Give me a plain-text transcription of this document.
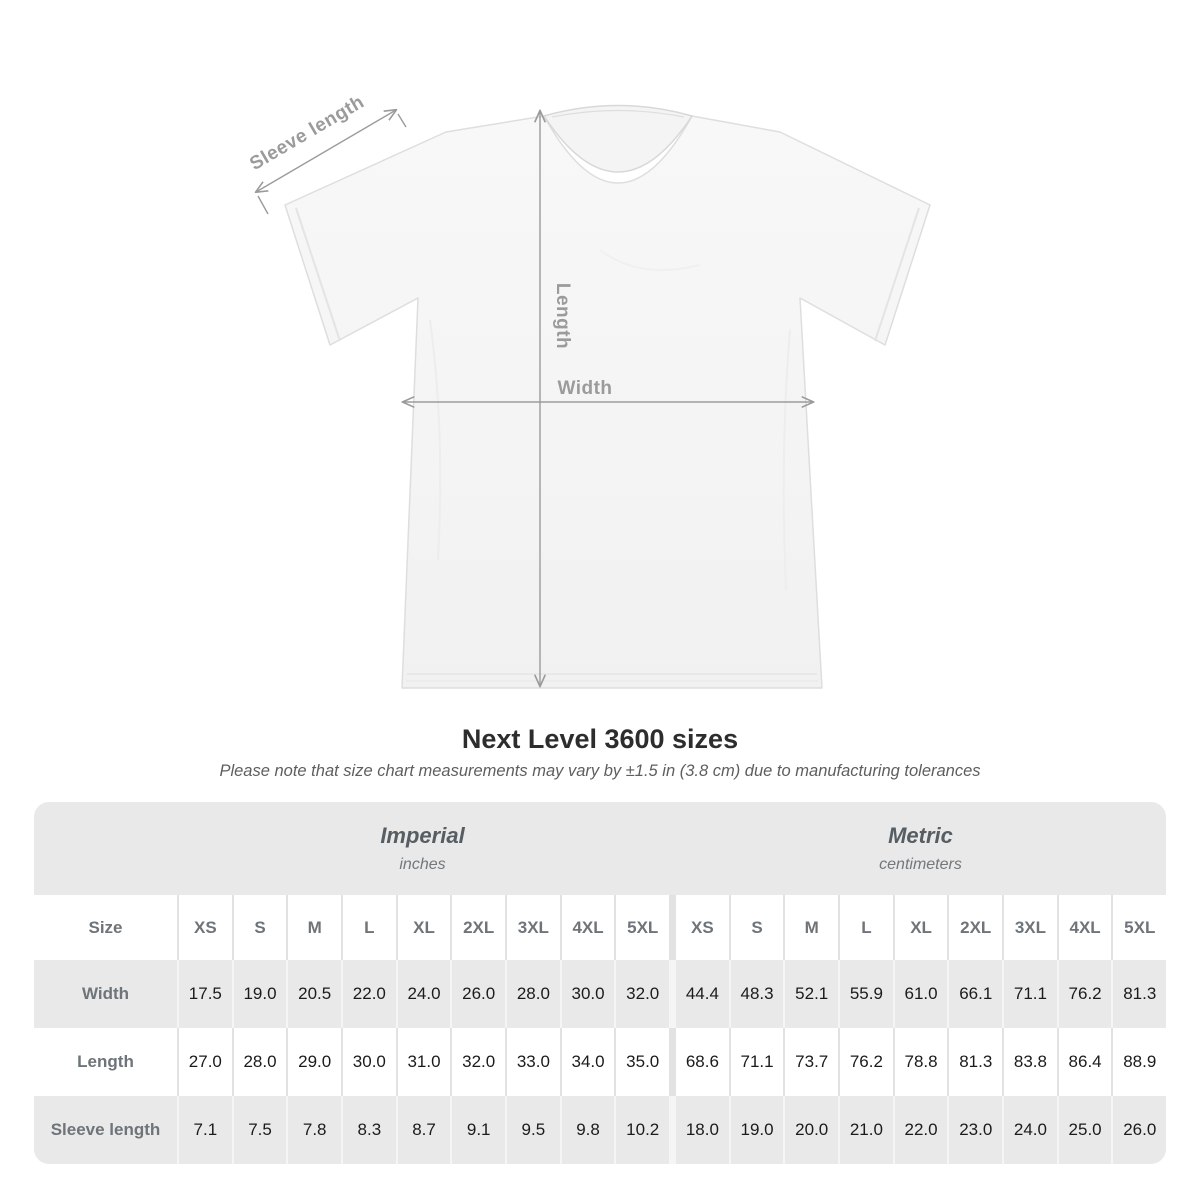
Sleeve length
Length
Width
Next Level 3600 sizes

Please note that size chart measurements may vary by ±1.5 in (3.8 cm) due to manufacturing tolerances

Imperial
inches
Metric
centimeters
Size	XS	S	M	L	XL	2XL	3XL	4XL	5XL	XS	S	M	L	XL	2XL	3XL	4XL	5XL
Width	17.5	19.0	20.5	22.0	24.0	26.0	28.0	30.0	32.0	44.4	48.3	52.1	55.9	61.0	66.1	71.1	76.2	81.3
Length	27.0	28.0	29.0	30.0	31.0	32.0	33.0	34.0	35.0	68.6	71.1	73.7	76.2	78.8	81.3	83.8	86.4	88.9
Sleeve length	7.1	7.5	7.8	8.3	8.7	9.1	9.5	9.8	10.2	18.0	19.0	20.0	21.0	22.0	23.0	24.0	25.0	26.0
